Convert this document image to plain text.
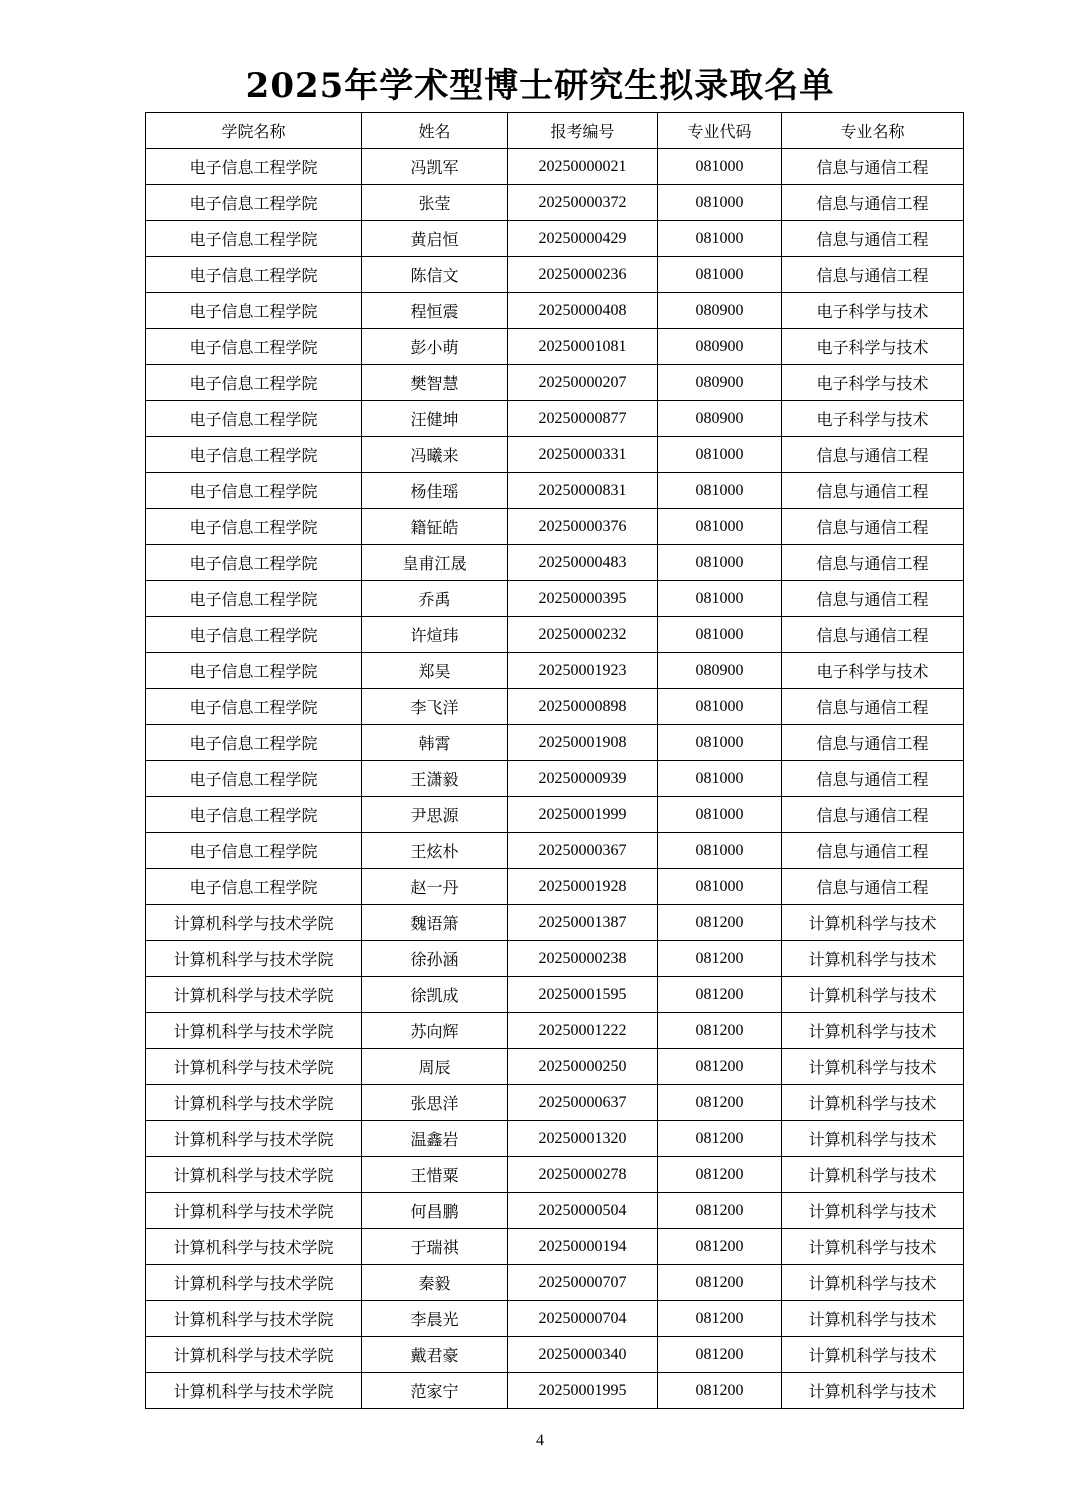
2025年学术型博士研究生拟录取名单
学院名称	姓名	报考编号	专业代码	专业名称
电子信息工程学院	冯凯军	20250000021	081000	信息与通信工程
电子信息工程学院	张莹	20250000372	081000	信息与通信工程
电子信息工程学院	黄启恒	20250000429	081000	信息与通信工程
电子信息工程学院	陈信文	20250000236	081000	信息与通信工程
电子信息工程学院	程恒震	20250000408	080900	电子科学与技术
电子信息工程学院	彭小萌	20250001081	080900	电子科学与技术
电子信息工程学院	樊智慧	20250000207	080900	电子科学与技术
电子信息工程学院	汪健坤	20250000877	080900	电子科学与技术
电子信息工程学院	冯曦来	20250000331	081000	信息与通信工程
电子信息工程学院	杨佳瑶	20250000831	081000	信息与通信工程
电子信息工程学院	籍钲皓	20250000376	081000	信息与通信工程
电子信息工程学院	皇甫江晟	20250000483	081000	信息与通信工程
电子信息工程学院	乔禹	20250000395	081000	信息与通信工程
电子信息工程学院	许煊玮	20250000232	081000	信息与通信工程
电子信息工程学院	郑昊	20250001923	080900	电子科学与技术
电子信息工程学院	李飞洋	20250000898	081000	信息与通信工程
电子信息工程学院	韩霄	20250001908	081000	信息与通信工程
电子信息工程学院	王潇毅	20250000939	081000	信息与通信工程
电子信息工程学院	尹思源	20250001999	081000	信息与通信工程
电子信息工程学院	王炫朴	20250000367	081000	信息与通信工程
电子信息工程学院	赵一丹	20250001928	081000	信息与通信工程
计算机科学与技术学院	魏语箫	20250001387	081200	计算机科学与技术
计算机科学与技术学院	徐孙涵	20250000238	081200	计算机科学与技术
计算机科学与技术学院	徐凯成	20250001595	081200	计算机科学与技术
计算机科学与技术学院	苏向辉	20250001222	081200	计算机科学与技术
计算机科学与技术学院	周辰	20250000250	081200	计算机科学与技术
计算机科学与技术学院	张思洋	20250000637	081200	计算机科学与技术
计算机科学与技术学院	温鑫岩	20250001320	081200	计算机科学与技术
计算机科学与技术学院	王惜粟	20250000278	081200	计算机科学与技术
计算机科学与技术学院	何昌鹏	20250000504	081200	计算机科学与技术
计算机科学与技术学院	于瑞祺	20250000194	081200	计算机科学与技术
计算机科学与技术学院	秦毅	20250000707	081200	计算机科学与技术
计算机科学与技术学院	李晨光	20250000704	081200	计算机科学与技术
计算机科学与技术学院	戴君豪	20250000340	081200	计算机科学与技术
计算机科学与技术学院	范家宁	20250001995	081200	计算机科学与技术
4
